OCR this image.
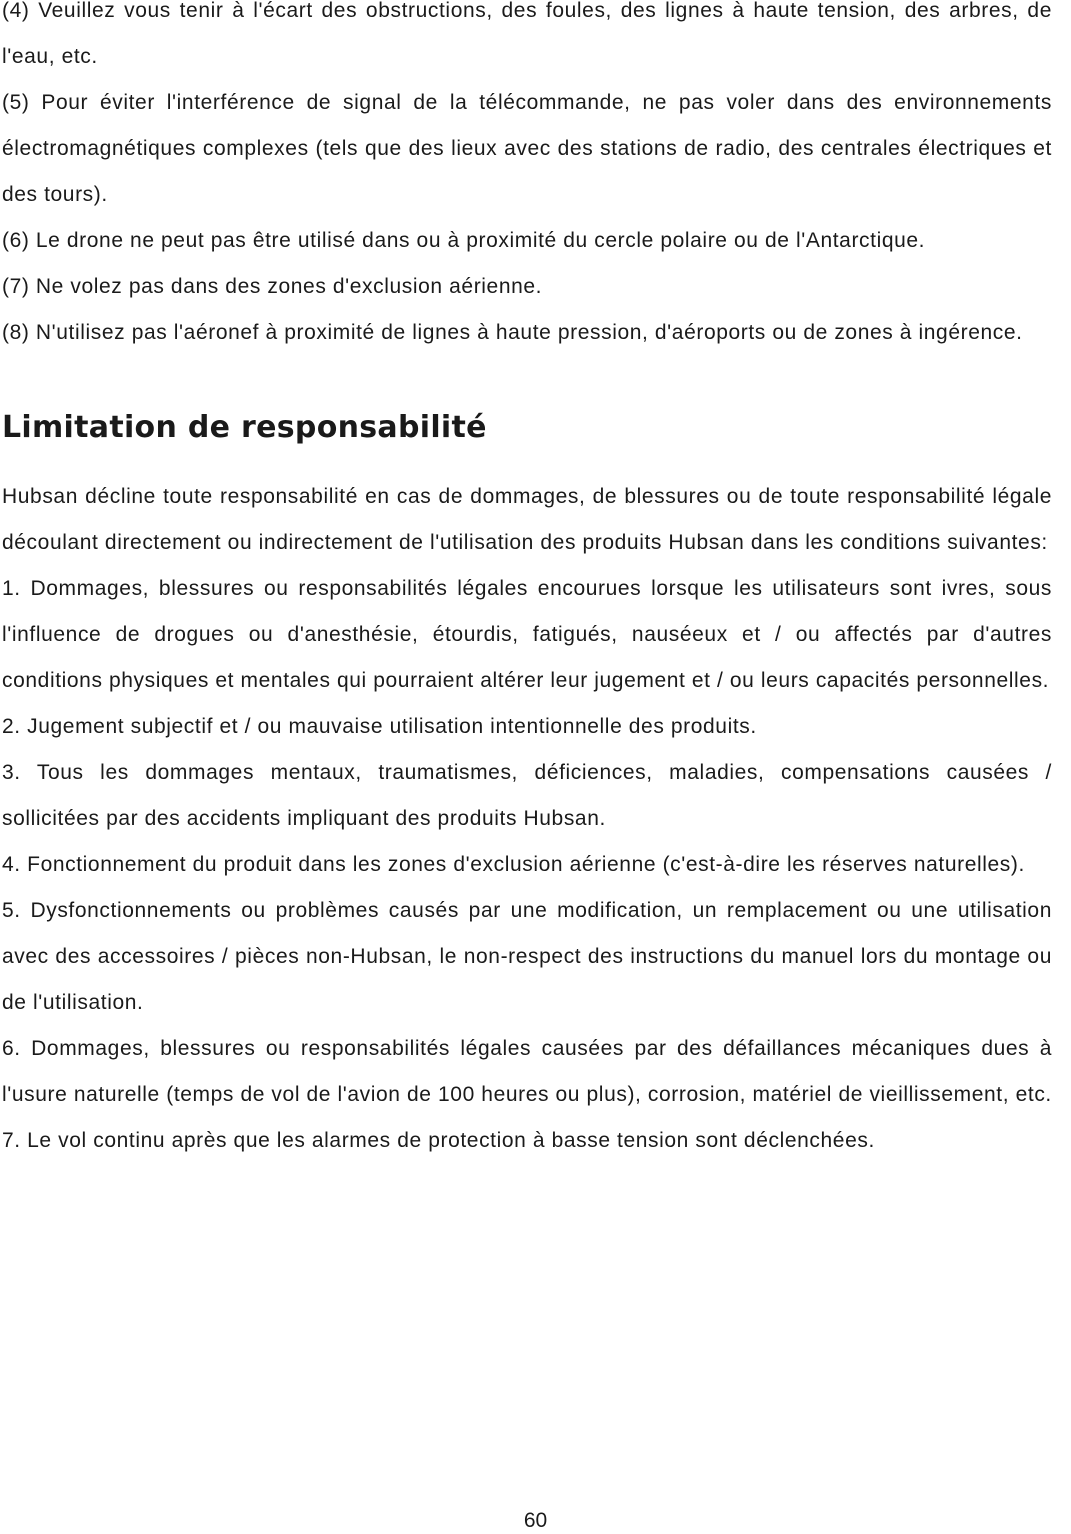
(4) Veuillez vous tenir à l'écart des obstructions, des foules, des lignes à haute tension, des arbres, de l'eau, etc.

(5) Pour éviter l'interférence de signal de la télécommande, ne pas voler dans des environnements électromagnétiques complexes (tels que des lieux avec des stations de radio, des centrales électriques et des tours).

(6) Le drone ne peut pas être utilisé dans ou à proximité du cercle polaire ou de l'Antarctique.

(7) Ne volez pas dans des zones d'exclusion aérienne.

(8) N'utilisez pas l'aéronef à proximité de lignes à haute pression, d'aéroports ou de zones à ingérence.

Limitation de responsabilité

Hubsan décline toute responsabilité en cas de dommages, de blessures ou de toute responsabilité légale découlant directement ou indirectement de l'utilisation des produits Hubsan dans les conditions suivantes:

1. Dommages, blessures ou responsabilités légales encourues lorsque les utilisateurs sont ivres, sous l'influence de drogues ou d'anesthésie, étourdis, fatigués, nauséeux et / ou affectés par d'autres conditions physiques et mentales qui pourraient altérer leur jugement et / ou leurs capacités personnelles.

2. Jugement subjectif et / ou mauvaise utilisation intentionnelle des produits.

3. Tous les dommages mentaux, traumatismes, déficiences, maladies, compensations causées / sollicitées par des accidents impliquant des produits Hubsan.

4. Fonctionnement du produit dans les zones d'exclusion aérienne (c'est-à-dire les réserves naturelles).

5. Dysfonctionnements ou problèmes causés par une modification, un remplacement ou une utilisation avec des accessoires / pièces non-Hubsan, le non-respect des instructions du manuel lors du montage ou de l'utilisation.

6. Dommages, blessures ou responsabilités légales causées par des défaillances mécaniques dues à l'usure naturelle (temps de vol de l'avion de 100 heures ou plus), corrosion, matériel de vieillissement, etc.

7. Le vol continu après que les alarmes de protection à basse tension sont déclenchées.

60
